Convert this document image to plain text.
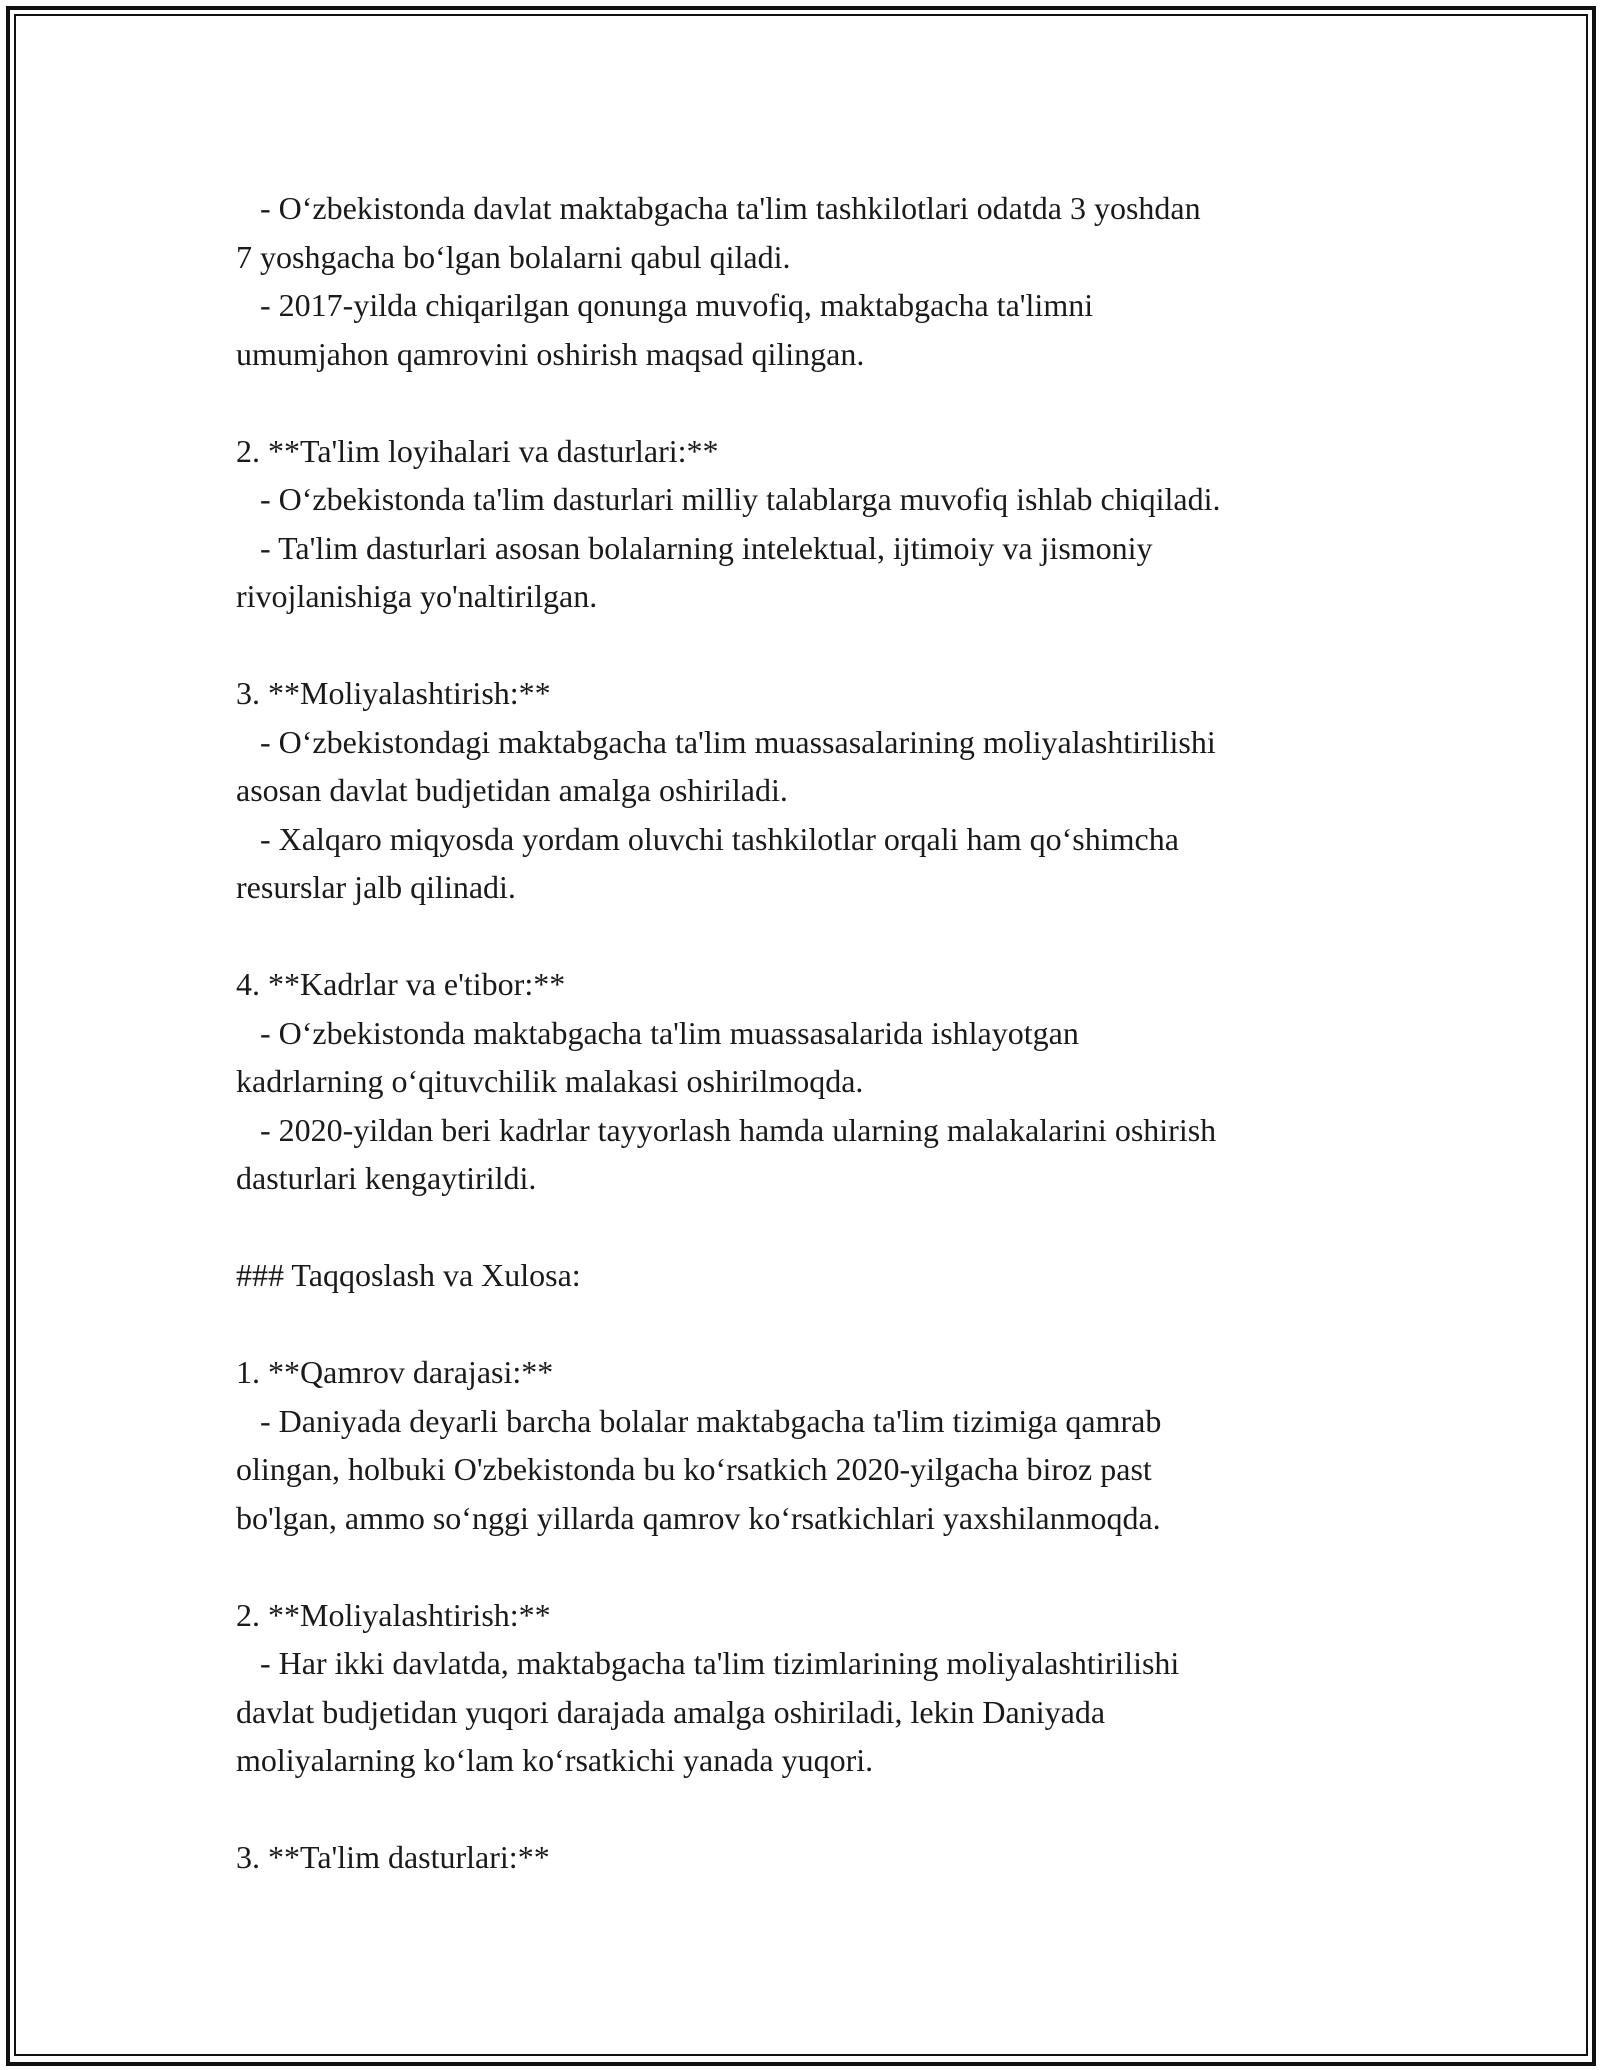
- O‘zbekistonda davlat maktabgacha ta'lim tashkilotlari odatda 3 yoshdan
7 yoshgacha bo‘lgan bolalarni qabul qiladi.
- 2017-yilda chiqarilgan qonunga muvofiq, maktabgacha ta'limni
umumjahon qamrovini oshirish maqsad qilingan.
2. **Ta'lim loyihalari va dasturlari:**
- O‘zbekistonda ta'lim dasturlari milliy talablarga muvofiq ishlab chiqiladi.
- Ta'lim dasturlari asosan bolalarning intelektual, ijtimoiy va jismoniy
rivojlanishiga yo'naltirilgan.
3. **Moliyalashtirish:**
- O‘zbekistondagi maktabgacha ta'lim muassasalarining moliyalashtirilishi
asosan davlat budjetidan amalga oshiriladi.
- Xalqaro miqyosda yordam oluvchi tashkilotlar orqali ham qo‘shimcha
resurslar jalb qilinadi.
4. **Kadrlar va e'tibor:**
- O‘zbekistonda maktabgacha ta'lim muassasalarida ishlayotgan
kadrlarning o‘qituvchilik malakasi oshirilmoqda.
- 2020-yildan beri kadrlar tayyorlash hamda ularning malakalarini oshirish
dasturlari kengaytirildi.
### Taqqoslash va Xulosa:
1. **Qamrov darajasi:**
- Daniyada deyarli barcha bolalar maktabgacha ta'lim tizimiga qamrab
olingan, holbuki O'zbekistonda bu ko‘rsatkich 2020-yilgacha biroz past
bo'lgan, ammo so‘nggi yillarda qamrov ko‘rsatkichlari yaxshilanmoqda.
2. **Moliyalashtirish:**
- Har ikki davlatda, maktabgacha ta'lim tizimlarining moliyalashtirilishi
davlat budjetidan yuqori darajada amalga oshiriladi, lekin Daniyada
moliyalarning ko‘lam ko‘rsatkichi yanada yuqori.
3. **Ta'lim dasturlari:**
